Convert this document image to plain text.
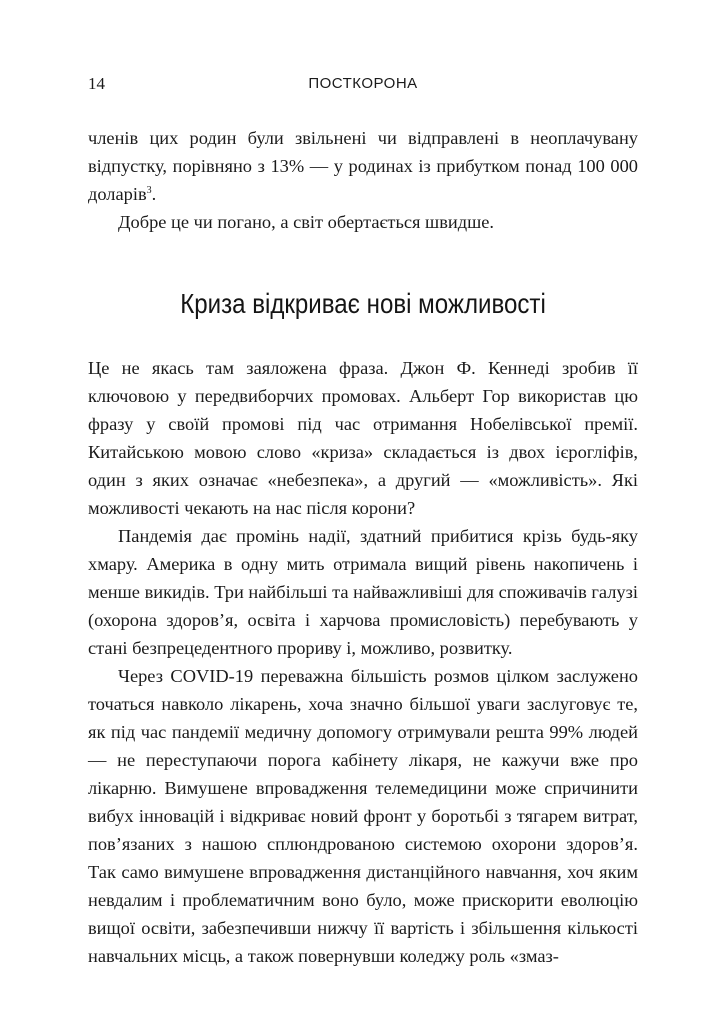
14	ПОСТКОРОНА

членів цих родин були звільнені чи відправлені в неоплачувану відпустку, порівняно з 13% — у родинах із прибутком понад 100 000 доларів$^3$.

Добре це чи погано, а світ обертається швидше.

Криза відкриває нові можливості

Це не якась там заяложена фраза. Джон Ф. Кеннеді зробив її ключовою у передвиборчих промовах. Альберт Гор використав цю фразу у своїй промові під час отримання Нобелівської премії. Китайською мовою слово «криза» складається із двох ієрогліфів, один з яких означає «небезпека», а другий — «можливість». Які можливості чекають на нас після корони?

Пандемія дає промінь надії, здатний прибитися крізь будь-яку хмару. Америка в одну мить отримала вищий рівень накопичень і менше викидів. Три найбільші та найважливіші для споживачів галузі (охорона здоров’я, освіта і харчова промисловість) перебувають у стані безпрецедентного прориву і, можливо, розвитку.

Через COVID-19 переважна більшість розмов цілком заслужено точаться навколо лікарень, хоча значно більшої уваги заслуговує те, як під час пандемії медичну допомогу отримували решта 99% людей — не переступаючи порога кабінету лікаря, не кажучи вже про лікарню. Вимушене впровадження телемедицини може спричинити вибух інновацій і відкриває новий фронт у боротьбі з тягарем витрат, пов’язаних з нашою сплюндрованою системою охорони здоров’я. Так само вимушене впровадження дистанційного навчання, хоч яким невдалим і проблематичним воно було, може прискорити еволюцію вищої освіти, забезпечивши нижчу її вартість і збільшення кількості навчальних місць, а також повернувши коледжу роль «змаз-
